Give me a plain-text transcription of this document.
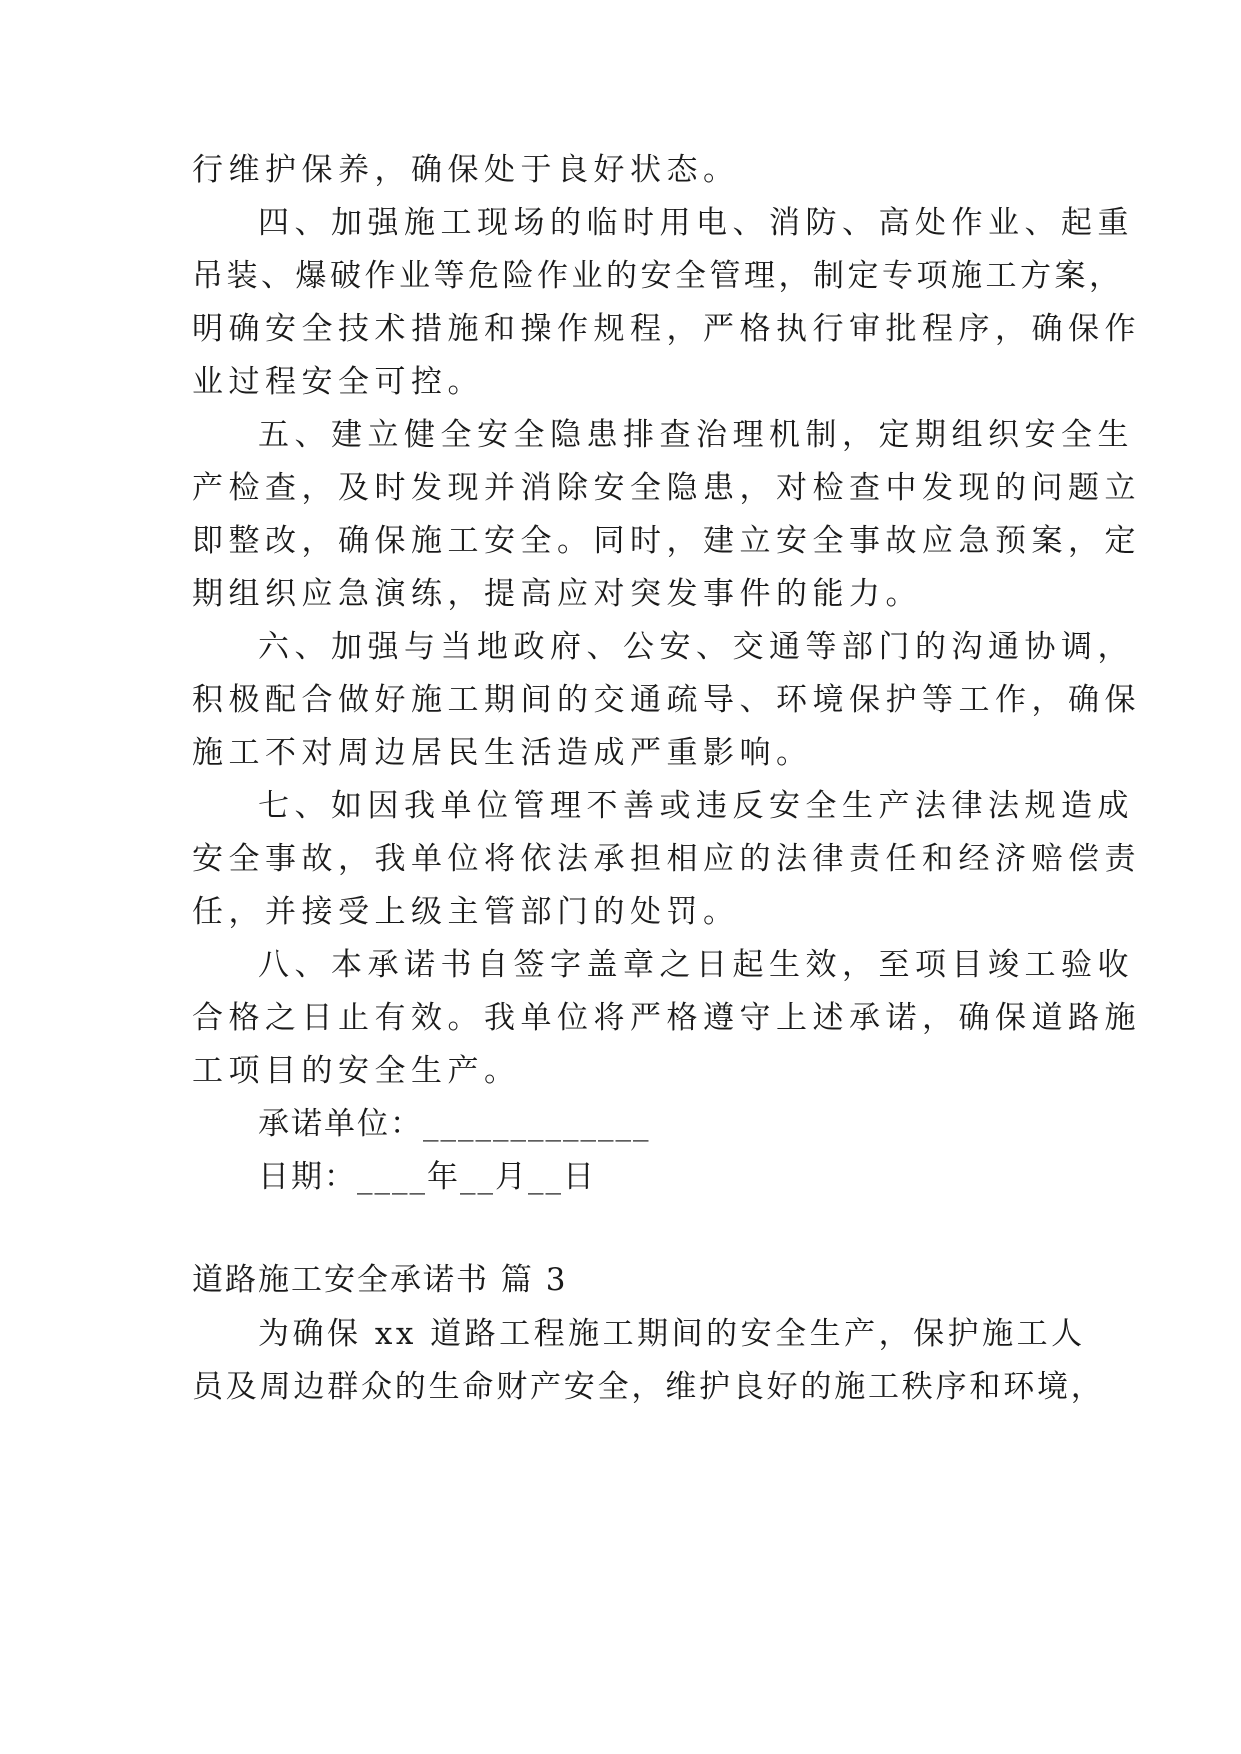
行维护保养，确保处于良好状态。
四、加强施工现场的临时用电、消防、高处作业、起重
吊装、爆破作业等危险作业的安全管理，制定专项施工方案，
明确安全技术措施和操作规程，严格执行审批程序，确保作
业过程安全可控。
五、建立健全安全隐患排查治理机制，定期组织安全生
产检查，及时发现并消除安全隐患，对检查中发现的问题立
即整改，确保施工安全。同时，建立安全事故应急预案，定
期组织应急演练，提高应对突发事件的能力。
六、加强与当地政府、公安、交通等部门的沟通协调，
积极配合做好施工期间的交通疏导、环境保护等工作，确保
施工不对周边居民生活造成严重影响。
七、如因我单位管理不善或违反安全生产法律法规造成
安全事故，我单位将依法承担相应的法律责任和经济赔偿责
任，并接受上级主管部门的处罚。
八、本承诺书自签字盖章之日起生效，至项目竣工验收
合格之日止有效。我单位将严格遵守上述承诺，确保道路施
工项目的安全生产。
承诺单位：_____________
日期：____年__月__日
道路施工安全承诺书 篇 3
为确保 xx 道路工程施工期间的安全生产，保护施工人
员及周边群众的生命财产安全，维护良好的施工秩序和环境，
